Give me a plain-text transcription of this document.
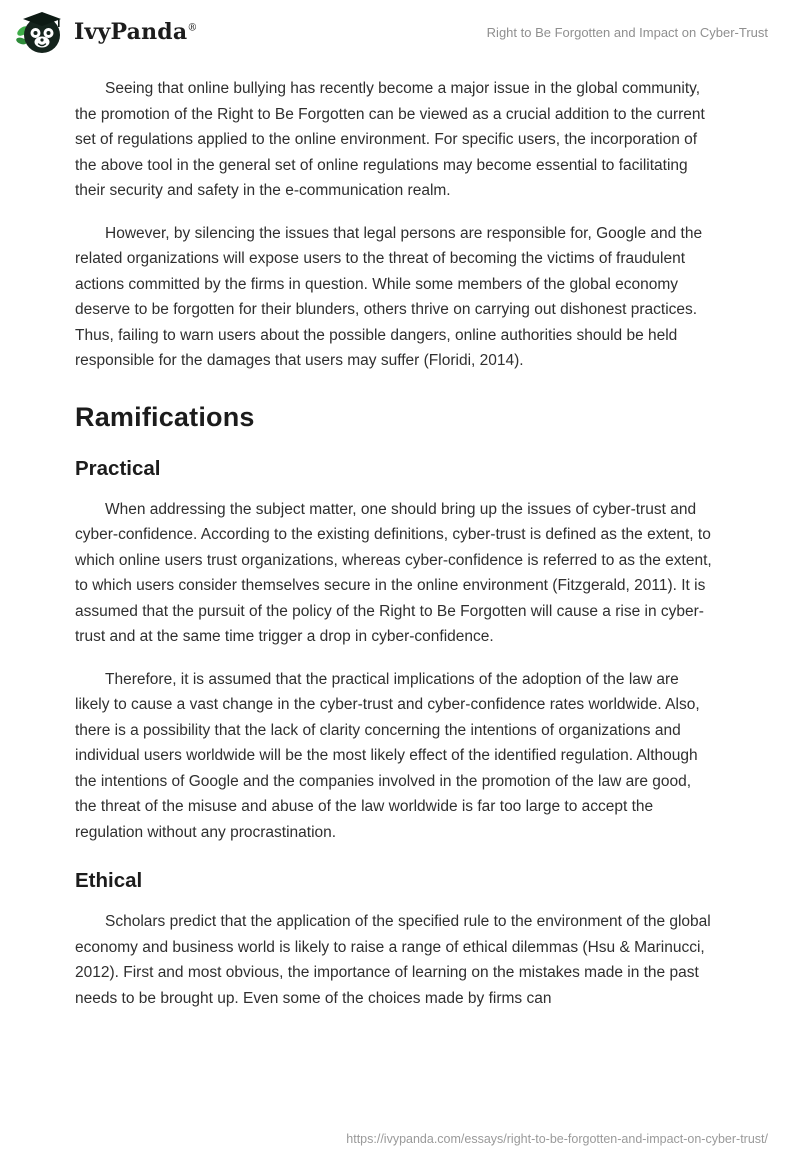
IvyPanda®	Right to Be Forgotten and Impact on Cyber-Trust

Seeing that online bullying has recently become a major issue in the global community, the promotion of the Right to Be Forgotten can be viewed as a crucial addition to the current set of regulations applied to the online environment. For specific users, the incorporation of the above tool in the general set of online regulations may become essential to facilitating their security and safety in the e-communication realm.

However, by silencing the issues that legal persons are responsible for, Google and the related organizations will expose users to the threat of becoming the victims of fraudulent actions committed by the firms in question. While some members of the global economy deserve to be forgotten for their blunders, others thrive on carrying out dishonest practices. Thus, failing to warn users about the possible dangers, online authorities should be held responsible for the damages that users may suffer (Floridi, 2014).

Ramifications
Practical

When addressing the subject matter, one should bring up the issues of cyber-trust and cyber-confidence. According to the existing definitions, cyber-trust is defined as the extent, to which online users trust organizations, whereas cyber-confidence is referred to as the extent, to which users consider themselves secure in the online environment (Fitzgerald, 2011). It is assumed that the pursuit of the policy of the Right to Be Forgotten will cause a rise in cyber-trust and at the same time trigger a drop in cyber-confidence.

Therefore, it is assumed that the practical implications of the adoption of the law are likely to cause a vast change in the cyber-trust and cyber-confidence rates worldwide. Also, there is a possibility that the lack of clarity concerning the intentions of organizations and individual users worldwide will be the most likely effect of the identified regulation. Although the intentions of Google and the companies involved in the promotion of the law are good, the threat of the misuse and abuse of the law worldwide is far too large to accept the regulation without any procrastination.

Ethical

Scholars predict that the application of the specified rule to the environment of the global economy and business world is likely to raise a range of ethical dilemmas (Hsu & Marinucci, 2012). First and most obvious, the importance of learning on the mistakes made in the past needs to be brought up. Even some of the choices made by firms can

https://ivypanda.com/essays/right-to-be-forgotten-and-impact-on-cyber-trust/
